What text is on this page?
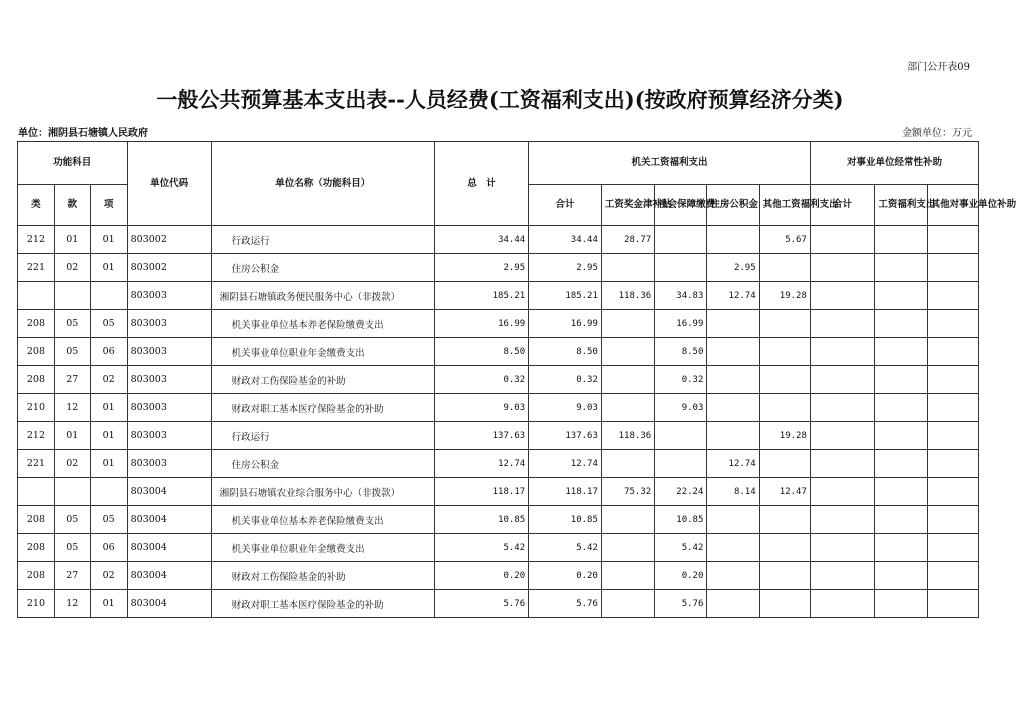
部门公开表09
一般公共预算基本支出表--人员经费(工资福利支出)(按政府预算经济分类)
单位：湘阴县石塘镇人民政府	金额单位：万元
功能科目			单位代码	单位名称（功能科目）	总　计	机关工资福利支出					对事业单位经常性补助		
类	款	项				合计	工资奖金津补贴	社会保障缴费	住房公积金	其他工资福利支出	合计	工资福利支出	其他对事业单位补助
212	01	01	803002	行政运行	34.44	34.44	28.77			5.67			
221	02	01	803002	住房公积金	2.95	2.95			2.95				
			803003	湘阴县石塘镇政务便民服务中心（非拨款）	185.21	185.21	118.36	34.83	12.74	19.28			
208	05	05	803003	机关事业单位基本养老保险缴费支出	16.99	16.99		16.99					
208	05	06	803003	机关事业单位职业年金缴费支出	8.50	8.50		8.50					
208	27	02	803003	财政对工伤保险基金的补助	0.32	0.32		0.32					
210	12	01	803003	财政对职工基本医疗保险基金的补助	9.03	9.03		9.03					
212	01	01	803003	行政运行	137.63	137.63	118.36			19.28			
221	02	01	803003	住房公积金	12.74	12.74			12.74				
			803004	湘阴县石塘镇农业综合服务中心（非拨款）	118.17	118.17	75.32	22.24	8.14	12.47			
208	05	05	803004	机关事业单位基本养老保险缴费支出	10.85	10.85		10.85					
208	05	06	803004	机关事业单位职业年金缴费支出	5.42	5.42		5.42					
208	27	02	803004	财政对工伤保险基金的补助	0.20	0.20		0.20					
210	12	01	803004	财政对职工基本医疗保险基金的补助	5.76	5.76		5.76					
